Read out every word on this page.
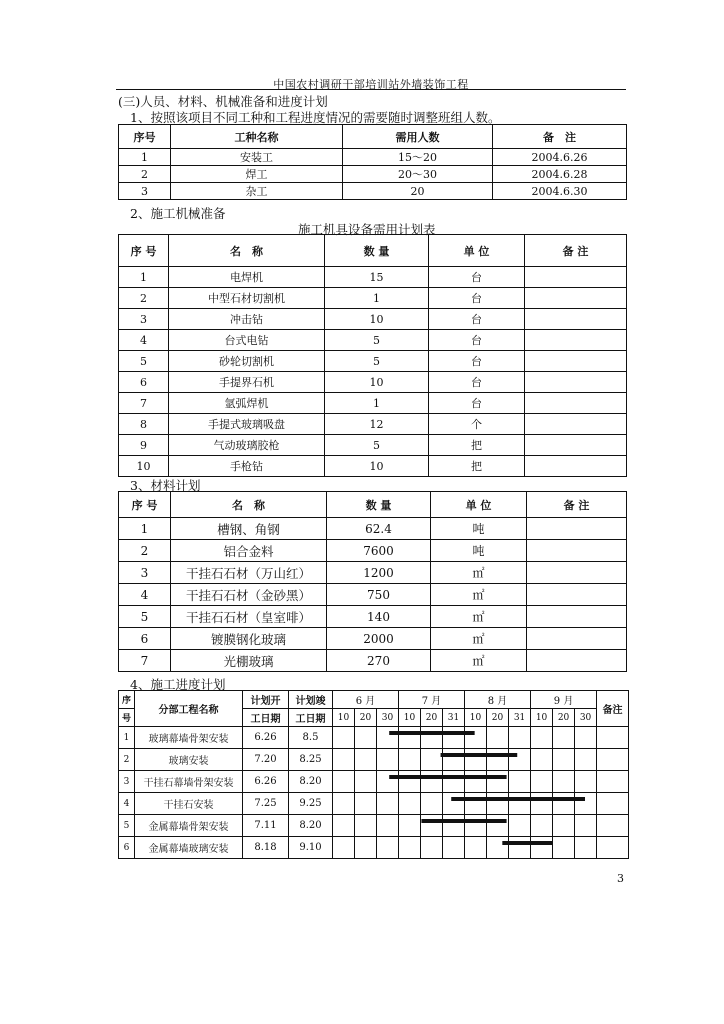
中国农村调研干部培训站外墙装饰工程
(三)人员、材料、机械准备和进度计划
1、按照该项目不同工种和工程进度情况的需要随时调整班组人数。
序号	工种名称	需用人数	备　注
1	安装工	15～20	2004.6.26
2	焊工	20～30	2004.6.28
3	杂工	20	2004.6.30
2、施工机械准备
施工机具设备需用计划表
序 号	名　称	数 量	单 位	备 注
1	电焊机	15	台	
2	中型石材切割机	1	台	
3	冲击钻	10	台	
4	台式电钻	5	台	
5	砂轮切割机	5	台	
6	手提界石机	10	台	
7	氩弧焊机	1	台	
8	手提式玻璃吸盘	12	个	
9	气动玻璃胶枪	5	把	
10	手枪钻	10	把	
3、材料计划
序 号	名　称	数 量	单 位	备 注
1	槽钢、角钢	62.4	吨	
2	铝合金料	7600	吨	
3	干挂石石材（万山红）	1200	㎡	
4	干挂石石材（金砂黑）	750	㎡	
5	干挂石石材（皇室啡）	140	㎡	
6	镀膜钢化玻璃	2000	㎡	
7	光棚玻璃	270	㎡	
4、施工进度计划
序	分部工程名称	计划开	计划竣	6 月			7 月			8 月			9 月			备注
号		工日期	工日期	10	20	30	10	20	31	10	20	31	10	20	30	
1	玻璃幕墙骨架安装	6.26	8.5													
2	玻璃安装	7.20	8.25													
3	干挂石幕墙骨架安装	6.26	8.20													
4	干挂石安装	7.25	9.25													
5	金属幕墙骨架安装	7.11	8.20													
6	金属幕墙玻璃安装	8.18	9.10													
3
